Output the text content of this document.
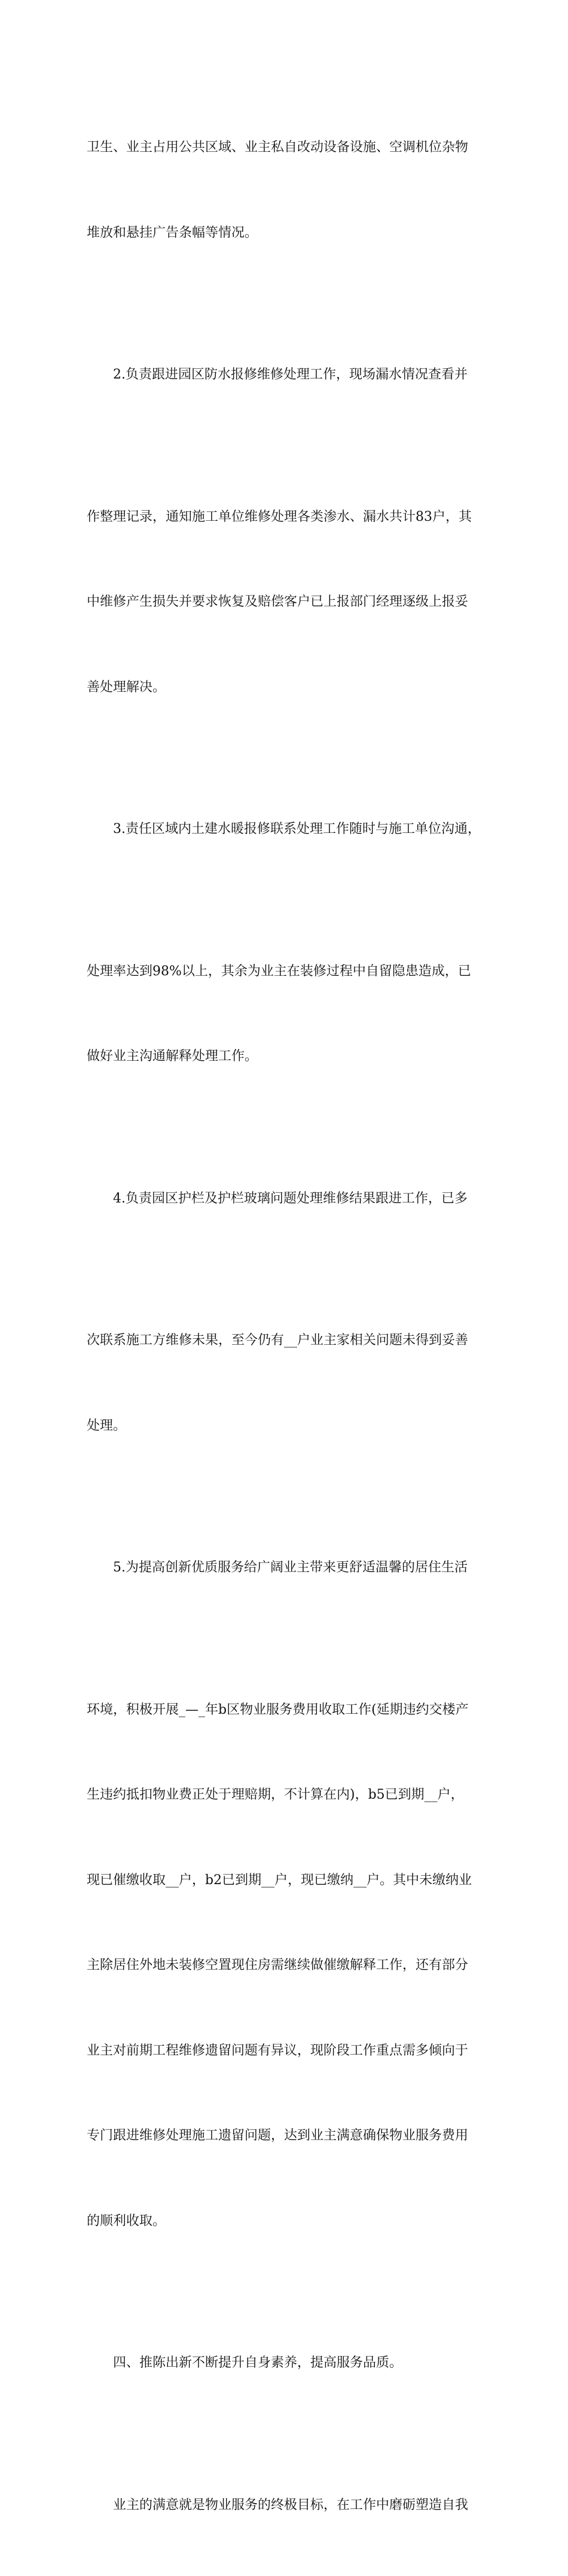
卫生、业主占用公共区域、业主私自改动设备设施、空调机位杂物

堆放和悬挂广告条幅等情况。

2.负责跟进园区防水报修维修处理工作，现场漏水情况查看并

作整理记录，通知施工单位维修处理各类渗水、漏水共计83户，其

中维修产生损失并要求恢复及赔偿客户已上报部门经理逐级上报妥

善处理解决。

3.责任区域内土建水暖报修联系处理工作随时与施工单位沟通，

处理率达到98%以上，其余为业主在装修过程中自留隐患造成，已

做好业主沟通解释处理工作。

4.负责园区护栏及护栏玻璃问题处理维修结果跟进工作，已多

次联系施工方维修未果，至今仍有__户业主家相关问题未得到妥善

处理。

5.为提高创新优质服务给广阔业主带来更舒适温馨的居住生活

环境，积极开展_—_年b区物业服务费用收取工作(延期违约交楼产

生违约抵扣物业费正处于理赔期，不计算在内)，b5已到期__户，

现已催缴收取__户，b2已到期__户，现已缴纳__户。其中未缴纳业

主除居住外地未装修空置现住房需继续做催缴解释工作，还有部分

业主对前期工程维修遗留问题有异议，现阶段工作重点需多倾向于

专门跟进维修处理施工遗留问题，达到业主满意确保物业服务费用

的顺利收取。

四、推陈出新不断提升自身素养，提高服务品质。

业主的满意就是物业服务的终极目标，在工作中磨砺塑造自我
